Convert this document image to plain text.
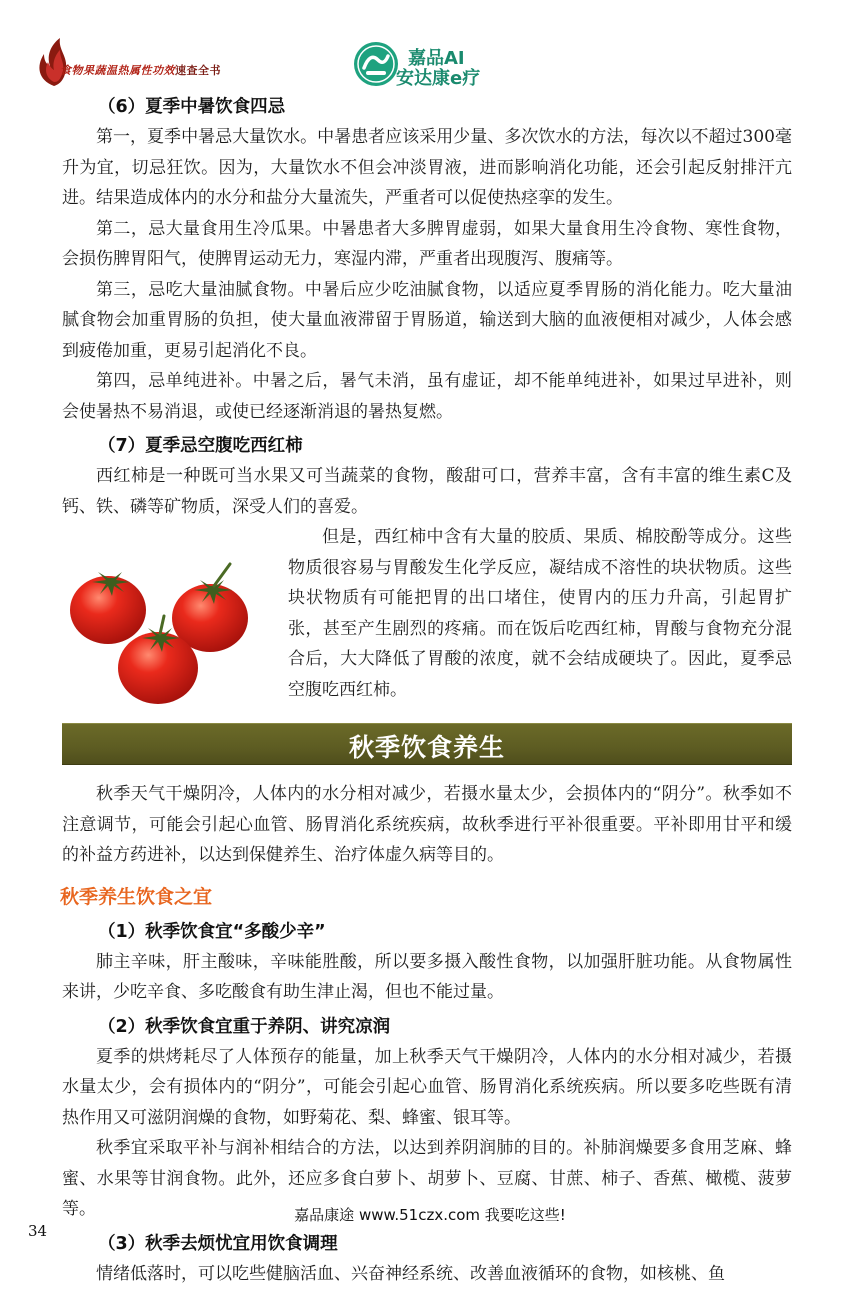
食物果蔬温热属性功效速查全书
嘉品AI
安达康e疗
（6）夏季中暑饮食四忌

第一，夏季中暑忌大量饮水。中暑患者应该采用少量、多次饮水的方法，每次以不超过300毫升为宜，切忌狂饮。因为，大量饮水不但会冲淡胃液，进而影响消化功能，还会引起反射排汗亢进。结果造成体内的水分和盐分大量流失，严重者可以促使热痉挛的发生。

第二，忌大量食用生冷瓜果。中暑患者大多脾胃虚弱，如果大量食用生冷食物、寒性食物，会损伤脾胃阳气，使脾胃运动无力，寒湿内滞，严重者出现腹泻、腹痛等。

第三，忌吃大量油腻食物。中暑后应少吃油腻食物，以适应夏季胃肠的消化能力。吃大量油腻食物会加重胃肠的负担，使大量血液滞留于胃肠道，输送到大脑的血液便相对减少，人体会感到疲倦加重，更易引起消化不良。

第四，忌单纯进补。中暑之后，暑气未消，虽有虚证，却不能单纯进补，如果过早进补，则会使暑热不易消退，或使已经逐渐消退的暑热复燃。

（7）夏季忌空腹吃西红柿

西红柿是一种既可当水果又可当蔬菜的食物，酸甜可口，营养丰富，含有丰富的维生素C及钙、铁、磷等矿物质，深受人们的喜爱。

但是，西红柿中含有大量的胶质、果质、棉胶酚等成分。这些物质很容易与胃酸发生化学反应，凝结成不溶性的块状物质。这些块状物质有可能把胃的出口堵住，使胃内的压力升高，引起胃扩张，甚至产生剧烈的疼痛。而在饭后吃西红柿，胃酸与食物充分混合后，大大降低了胃酸的浓度，就不会结成硬块了。因此，夏季忌空腹吃西红柿。

秋季饮食养生

秋季天气干燥阴冷，人体内的水分相对减少，若摄水量太少，会损体内的“阴分”。秋季如不注意调节，可能会引起心血管、肠胃消化系统疾病，故秋季进行平补很重要。平补即用甘平和缓的补益方药进补，以达到保健养生、治疗体虚久病等目的。

秋季养生饮食之宜
（1）秋季饮食宜“多酸少辛”

肺主辛味，肝主酸味，辛味能胜酸，所以要多摄入酸性食物，以加强肝脏功能。从食物属性来讲，少吃辛食、多吃酸食有助生津止渴，但也不能过量。

（2）秋季饮食宜重于养阴、讲究凉润

夏季的烘烤耗尽了人体预存的能量，加上秋季天气干燥阴冷，人体内的水分相对减少，若摄水量太少，会有损体内的“阴分”，可能会引起心血管、肠胃消化系统疾病。所以要多吃些既有清热作用又可滋阴润燥的食物，如野菊花、梨、蜂蜜、银耳等。

秋季宜采取平补与润补相结合的方法，以达到养阴润肺的目的。补肺润燥要多食用芝麻、蜂蜜、水果等甘润食物。此外，还应多食白萝卜、胡萝卜、豆腐、甘蔗、柿子、香蕉、橄榄、菠萝等。

（3）秋季去烦忧宜用饮食调理

情绪低落时，可以吃些健脑活血、兴奋神经系统、改善血液循环的食物，如核桃、鱼

嘉品康途 www.51czx.com 我要吃这些!
34
